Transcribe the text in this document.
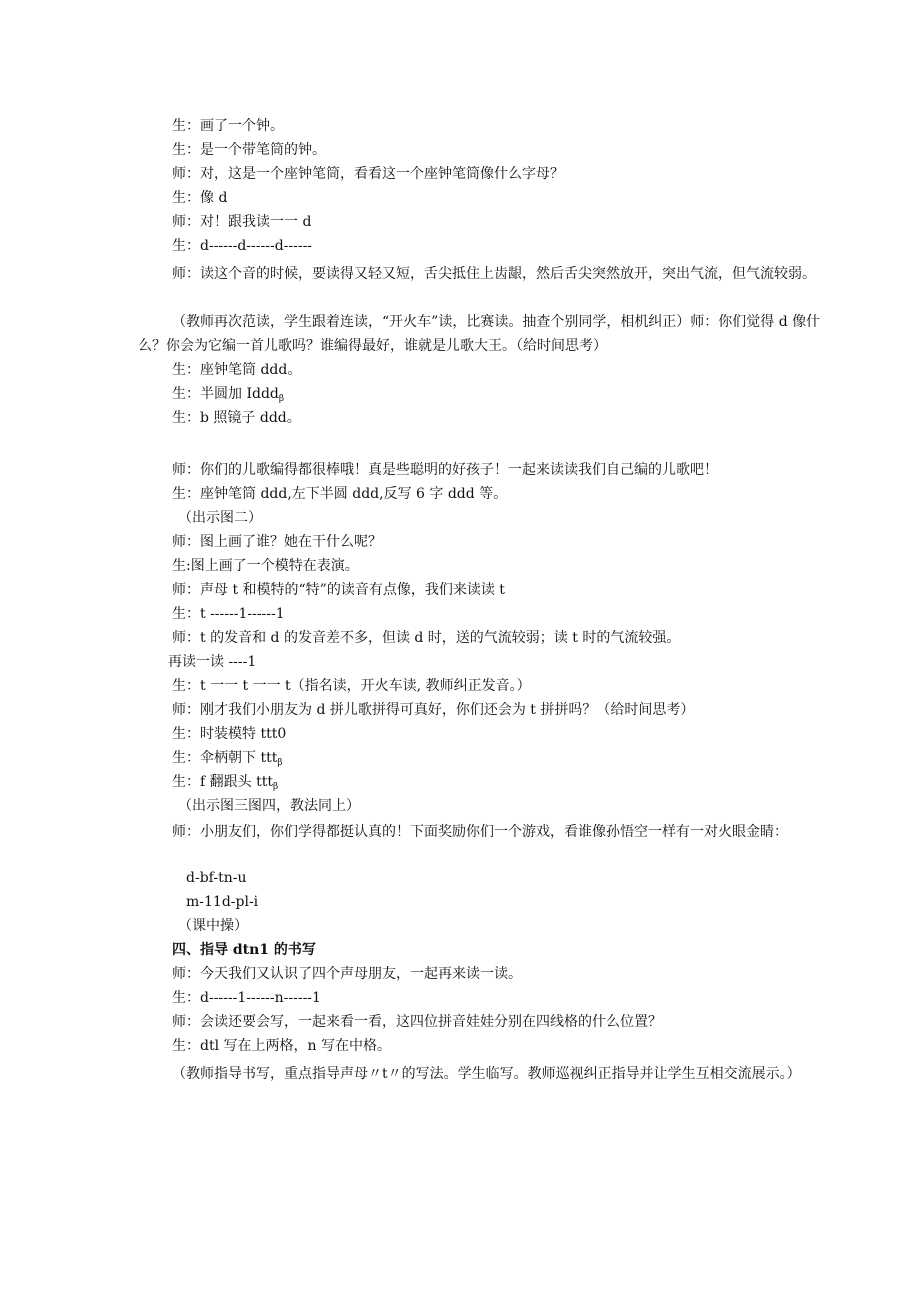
生：画了一个钟。
生：是一个带笔筒的钟。
师：对，这是一个座钟笔筒，看看这一个座钟笔筒像什么字母？
生：像 d
师：对！跟我读一一 d
生：d------d------d------
师：读这个音的时候，要读得又轻又短，舌尖抵住上齿龈，然后舌尖突然放开，突出气流，但气流较弱。
（教师再次范读，学生跟着连读，“开火车”读，比赛读。抽查个别同学，相机纠正）师：你们觉得 d 像什么？你会为它编一首儿歌吗？谁编得最好，谁就是儿歌大王。（给时间思考）
生：座钟笔筒 ddd。
生：半圆加 Iddd$_\beta$
生：b 照镜子 ddd。
师：你们的儿歌编得都很棒哦！真是些聪明的好孩子！一起来读读我们自己编的儿歌吧！
生：座钟笔筒 ddd,左下半圆 ddd,反写 6 字 ddd 等。
（出示图二）
师：图上画了谁？她在干什么呢？
生:图上画了一个模特在表演。
师：声母 t 和模特的“特”的读音有点像，我们来读读 t
生：t ------1------1
师：t 的发音和 d 的发音差不多，但读 d 时，送的气流较弱；读 t 时的气流较强。
再读一读 ----1
生：t 一一 t 一一 t（指名读，开火车读, 教师纠正发音。）
师：刚才我们小朋友为 d 拼儿歌拼得可真好，你们还会为 t 拼拼吗？（给时间思考）
生：时装模特 ttt0
生：伞柄朝下 ttt$_\beta$
生：f 翻跟头 ttt$_\beta$
（出示图三图四，教法同上）
师：小朋友们，你们学得都挺认真的！下面奖励你们一个游戏，看谁像孙悟空一样有一对火眼金睛：
d-bf-tn-u
m-11d-pl-i
（课中操）
四、指导 dtn1 的书写
师：今天我们又认识了四个声母朋友，一起再来读一读。
生：d------1------n------1
师：会读还要会写，一起来看一看，这四位拼音娃娃分别在四线格的什么位置？
生：dtl 写在上两格，n 写在中格。
（教师指导书写，重点指导声母〃t〃的写法。学生临写。教师巡视纠正指导并让学生互相交流展示。）
